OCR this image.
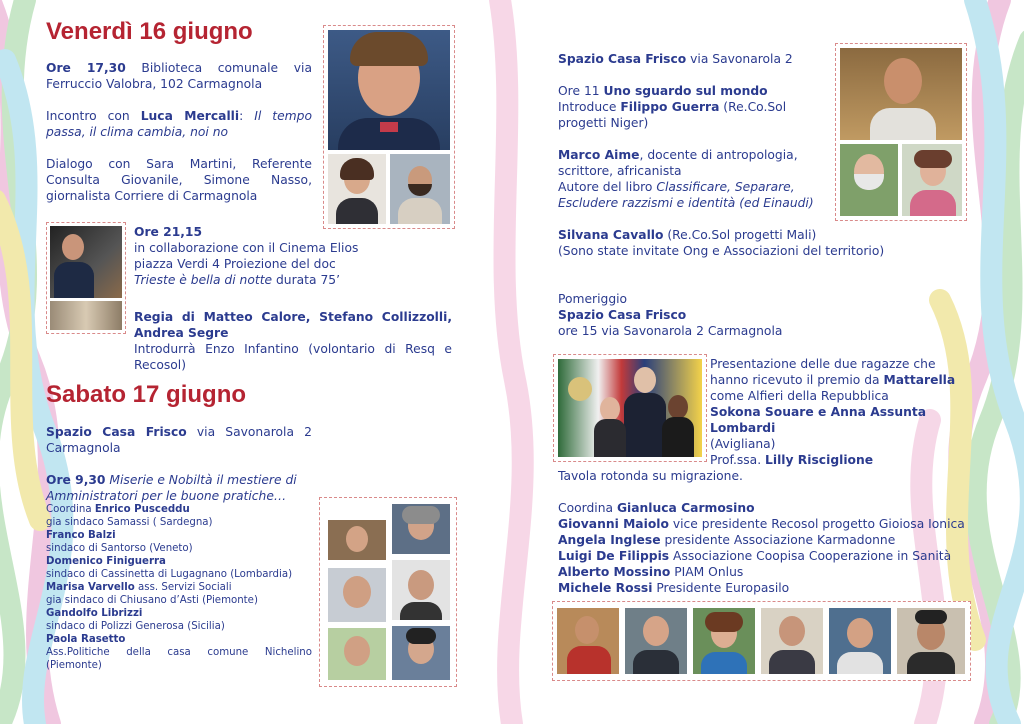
Venerdì 16 giugno
Ore 17,30 Biblioteca comunale via Ferruccio Valobra, 102 Carmagnola
Incontro con Luca Mercalli: Il tempo passa, il clima cambia, noi no
Dialogo con Sara Martini, Referente Consulta Giovanile, Simone Nasso, giornalista Corriere di Carmagnola

Ore 21,15

in collaborazione con il Cinema Elios

piazza Verdi 4 Proiezione del doc

Trieste è bella di notte durata 75’

Regia di Matteo Calore, Stefano Collizzolli, Andrea Segre
Introdurrà Enzo Infantino (volontario di Resq e Recosol)
Sabato 17 giugno
Spazio Casa Frisco via Savonarola 2 Carmagnola
Ore 9,30 Miserie e Nobiltà il mestiere di Amministratori per le buone pratiche…

Coordina Enrico Pusceddu

gia sindaco Samassi ( Sardegna)

Franco Balzi

sindaco di Santorso (Veneto)

Domenico Finiguerra

sindaco di Cassinetta di Lugagnano (Lombardia)

Marisa Varvello ass. Servizi Sociali

gia sindaco di Chiusano d’Asti (Piemonte)

Gandolfo Librizzi

sindaco di Polizzi Generosa (Sicilia)

Paola Rasetto

Ass.Politiche della casa comune Nichelino (Piemonte)

Spazio Casa Frisco via Savonarola 2

Ore 11 Uno sguardo sul mondo

Introduce Filippo Guerra (Re.Co.Sol progetti Niger)

Marco Aime, docente di antropologia, scrittore, africanista

Autore del libro Classificare, Separare, Escludere razzismi e identità (ed Einaudi)

Silvana Cavallo (Re.Co.Sol progetti Mali)

(Sono state invitate Ong e Associazioni del territorio)

Pomeriggio

Spazio Casa Frisco

ore 15 via Savonarola 2 Carmagnola

Presentazione delle due ragazze che

hanno ricevuto il premio da Mattarella

come Alfieri della Repubblica

Sokona Souare e Anna Assunta Lombardi

(Avigliana)

Prof.ssa. Lilly Risciglione

Tavola rotonda su migrazione.

Coordina Gianluca Carmosino

Giovanni Maiolo vice presidente Recosol progetto Gioiosa Ionica

Angela Inglese presidente Associazione Karmadonne

Luigi De Filippis Associazione Coopisa Cooperazione in Sanità

Alberto Mossino PIAM Onlus

Michele Rossi Presidente Europasilo
